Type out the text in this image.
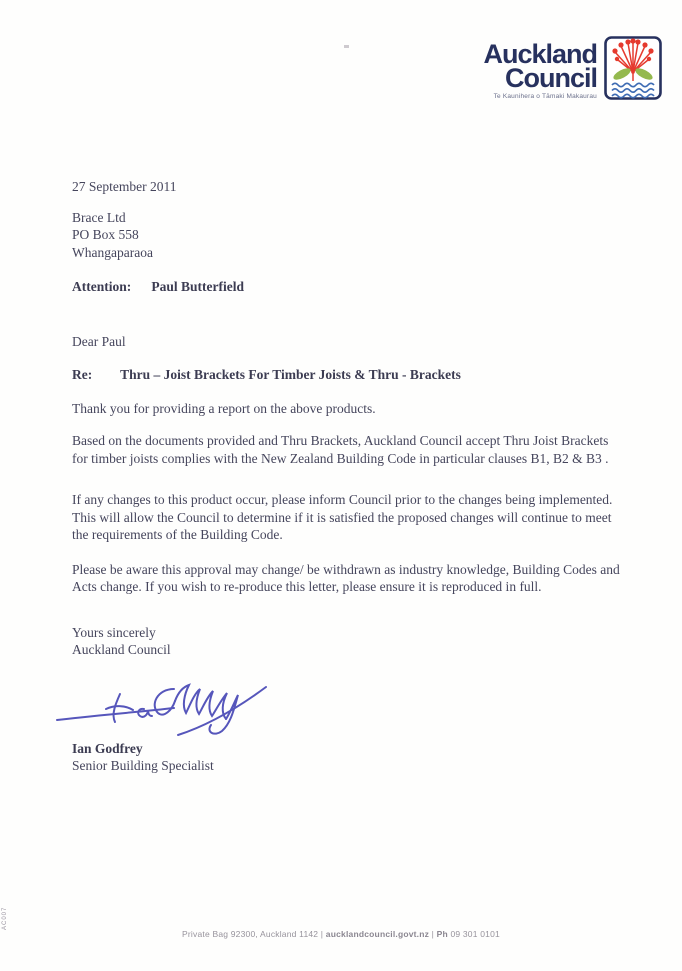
AC007
Auckland
Council
Te Kaunihera o Tāmaki Makaurau

27 September 2011

Brace Ltd
PO Box 558
Whangaparaoa

Attention: Paul Butterfield

Dear Paul

Re: Thru – Joist Brackets For Timber Joists & Thru - Brackets

Thank you for providing a report on the above products.

Based on the documents provided and Thru Brackets, Auckland Council accept Thru Joist Brackets for timber joists complies with the New Zealand Building Code in particular clauses B1, B2 & B3 .

If any changes to this product occur, please inform Council prior to the changes being implemented. This will allow the Council to determine if it is satisfied the proposed changes will continue to meet the requirements of the Building Code.

Please be aware this approval may change/ be withdrawn as industry knowledge, Building Codes and Acts change. If you wish to re-produce this letter, please ensure it is reproduced in full.

Yours sincerely
Auckland Council
Ian Godfrey
Senior Building Specialist
Private Bag 92300, Auckland 1142 | aucklandcouncil.govt.nz | Ph 09 301 0101
